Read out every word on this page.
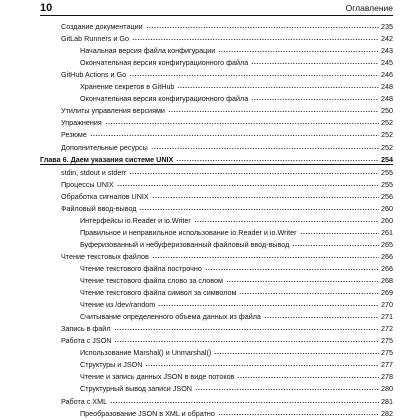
10	Оглавление
Создание документации	235
GitLab Runners и Go	242
Начальная версия файла конфигурации	243
Окончательная версия конфигурационного файла	245
GitHub Actions и Go	246
Хранение секретов в GitHub	248
Окончательная версия конфигурационного файла	248
Утилиты управления версиями	250
Упражнения	252
Резюме	252
Дополнительные ресурсы	252
Глава 6. Даем указания системе UNIX	254
stdin, stdout и stderr	255
Процессы UNIX	255
Обработка сигналов UNIX	256
Файловый ввод-вывод	260
Интерфейсы io.Reader и io.Writer	260
Правильное и неправильное использование io.Reader и io.Writer	261
Буферизованный и небуферизованный файловый ввод-вывод	265
Чтение текстовых файлов	266
Чтение текстового файла построчно	266
Чтение текстового файла слово за словом	268
Чтение текстового файла символ за символом	269
Чтение из /dev/random	270
Считывание определенного объема данных из файла	271
Запись в файл	272
Работа с JSON	275
Использование Marshal() и Unmarshal()	275
Структуры и JSON	277
Чтение и запись данных JSON в виде потоков	278
Структурный вывод записи JSON	280
Работа с XML	281
Преобразование JSON в XML и обратно	282
